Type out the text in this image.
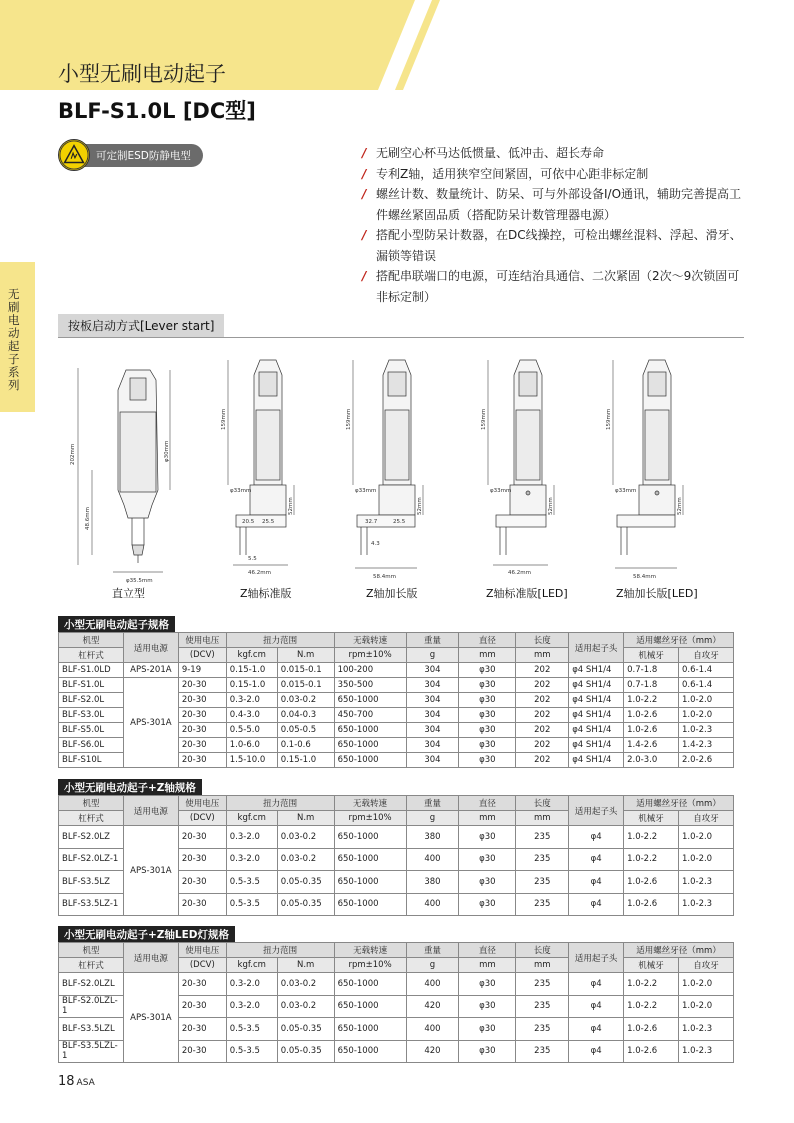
小型无刷电动起子
BLF-S1.0L [DC型]
可定制ESD防静电型	/ 无刷空心杯马达低惯量、低冲击、超长寿命
/ 专利Z轴，适用狭窄空间紧固，可依中心距非标定制
/ 螺丝计数、数量统计、防呆、可与外部设备I/O通讯，辅助完善提高工件螺丝紧固品质（搭配防呆计数管理器电源）
/ 搭配小型防呆计数器，在DC线操控，可检出螺丝混料、浮起、滑牙、漏锁等错误
/ 搭配串联端口的电源，可连结治具通信、二次紧固（2次～9次锁固可非标定制）
无刷电动起子系列
按板启动方式[Lever start]
202mm	φ30mm
48.6mm
φ35.5mm
159mm
φ33mm
52mm
20.5 25.5
5.5
46.2mm
159mm
φ33mm
52mm
32.7	25.5
4.3
58.4mm
159mm
φ33mm
52mm
46.2mm
159mm
φ33mm
52mm
58.4mm
直立型	Z轴标准版	Z轴加长版	Z轴标准版[LED]	Z轴加长版[LED]
小型无刷电动起子规格
机型	适用电源	使用电压	扭力范围		无载转速	重量	直径	长度	适用起子头	适用螺丝牙径（mm）	
杠杆式		(DCV)	kgf.cm	N.m	rpm±10%	g	mm	mm		机械牙	自攻牙
BLF-S1.0LD	APS-201A	9-19	0.15-1.0	0.015-0.1	100-200	304	φ30	202	φ4 SH1/4	0.7-1.8	0.6-1.4
BLF-S1.0L	APS-301A	20-30	0.15-1.0	0.015-0.1	350-500	304	φ30	202	φ4 SH1/4	0.7-1.8	0.6-1.4
BLF-S2.0L		20-30	0.3-2.0	0.03-0.2	650-1000	304	φ30	202	φ4 SH1/4	1.0-2.2	1.0-2.0
BLF-S3.0L		20-30	0.4-3.0	0.04-0.3	450-700	304	φ30	202	φ4 SH1/4	1.0-2.6	1.0-2.0
BLF-S5.0L		20-30	0.5-5.0	0.05-0.5	650-1000	304	φ30	202	φ4 SH1/4	1.0-2.6	1.0-2.3
BLF-S6.0L		20-30	1.0-6.0	0.1-0.6	650-1000	304	φ30	202	φ4 SH1/4	1.4-2.6	1.4-2.3
BLF-S10L		20-30	1.5-10.0	0.15-1.0	650-1000	304	φ30	202	φ4 SH1/4	2.0-3.0	2.0-2.6
小型无刷电动起子+Z轴规格
机型	适用电源	使用电压	扭力范围		无载转速	重量	直径	长度	适用起子头	适用螺丝牙径（mm）	
杠杆式		(DCV)	kgf.cm	N.m	rpm±10%	g	mm	mm		机械牙	自攻牙
BLF-S2.0LZ	APS-301A	20-30	0.3-2.0	0.03-0.2	650-1000	380	φ30	235	φ4	1.0-2.2	1.0-2.0
BLF-S2.0LZ-1		20-30	0.3-2.0	0.03-0.2	650-1000	400	φ30	235	φ4	1.0-2.2	1.0-2.0
BLF-S3.5LZ		20-30	0.5-3.5	0.05-0.35	650-1000	380	φ30	235	φ4	1.0-2.6	1.0-2.3
BLF-S3.5LZ-1		20-30	0.5-3.5	0.05-0.35	650-1000	400	φ30	235	φ4	1.0-2.6	1.0-2.3
小型无刷电动起子+Z轴LED灯规格
机型	适用电源	使用电压	扭力范围		无载转速	重量	直径	长度	适用起子头	适用螺丝牙径（mm）	
杠杆式		(DCV)	kgf.cm	N.m	rpm±10%	g	mm	mm		机械牙	自攻牙
BLF-S2.0LZL	APS-301A	20-30	0.3-2.0	0.03-0.2	650-1000	400	φ30	235	φ4	1.0-2.2	1.0-2.0
BLF-S2.0LZL-1		20-30	0.3-2.0	0.03-0.2	650-1000	420	φ30	235	φ4	1.0-2.2	1.0-2.0
BLF-S3.5LZL		20-30	0.5-3.5	0.05-0.35	650-1000	400	φ30	235	φ4	1.0-2.6	1.0-2.3
BLF-S3.5LZL-1		20-30	0.5-3.5	0.05-0.35	650-1000	420	φ30	235	φ4	1.0-2.6	1.0-2.3
18 ASA
